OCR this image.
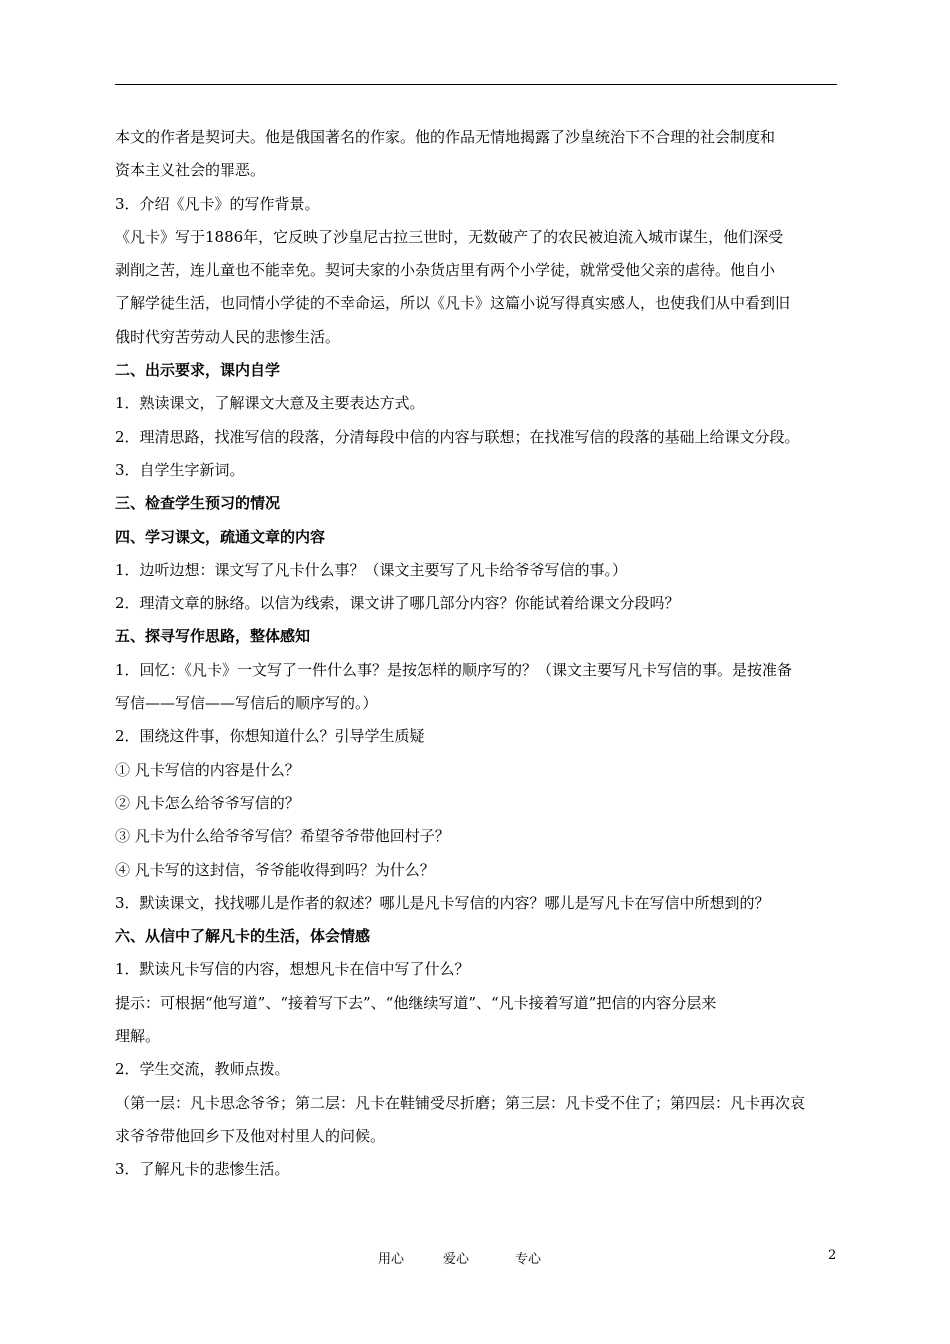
本文的作者是契诃夫。他是俄国著名的作家。他的作品无情地揭露了沙皇统治下不合理的社会制度和
资本主义社会的罪恶。
3．介绍《凡卡》的写作背景。
《凡卡》写于1886年，它反映了沙皇尼古拉三世时，无数破产了的农民被迫流入城市谋生，他们深受
剥削之苦，连儿童也不能幸免。契诃夫家的小杂货店里有两个小学徒，就常受他父亲的虐待。他自小
了解学徒生活，也同情小学徒的不幸命运，所以《凡卡》这篇小说写得真实感人，也使我们从中看到旧
俄时代穷苦劳动人民的悲惨生活。
二、出示要求，课内自学
1．熟读课文，了解课文大意及主要表达方式。
2．理清思路，找准写信的段落，分清每段中信的内容与联想；在找准写信的段落的基础上给课文分段。
3．自学生字新词。
三、检查学生预习的情况
四、学习课文，疏通文章的内容
1．边听边想：课文写了凡卡什么事？（课文主要写了凡卡给爷爷写信的事。）
2．理清文章的脉络。以信为线索，课文讲了哪几部分内容？你能试着给课文分段吗？
五、探寻写作思路，整体感知
1．回忆：《凡卡》一文写了一件什么事？是按怎样的顺序写的？（课文主要写凡卡写信的事。是按准备
写信——写信——写信后的顺序写的。）
2．围绕这件事，你想知道什么？引导学生质疑
① 凡卡写信的内容是什么？
② 凡卡怎么给爷爷写信的？
③ 凡卡为什么给爷爷写信？希望爷爷带他回村子？
④ 凡卡写的这封信，爷爷能收得到吗？为什么？
3．默读课文，找找哪儿是作者的叙述？哪儿是凡卡写信的内容？哪儿是写凡卡在写信中所想到的？
六、从信中了解凡卡的生活，体会情感
1．默读凡卡写信的内容，想想凡卡在信中写了什么？
提示：可根据“他写道”、“接着写下去”、“他继续写道”、“凡卡接着写道”把信的内容分层来
理解。
2．学生交流，教师点拨。
（第一层：凡卡思念爷爷；第二层：凡卡在鞋铺受尽折磨；第三层：凡卡受不住了；第四层：凡卡再次哀
求爷爷带他回乡下及他对村里人的问候。
3．了解凡卡的悲惨生活。
用心	爱心	专心	2
